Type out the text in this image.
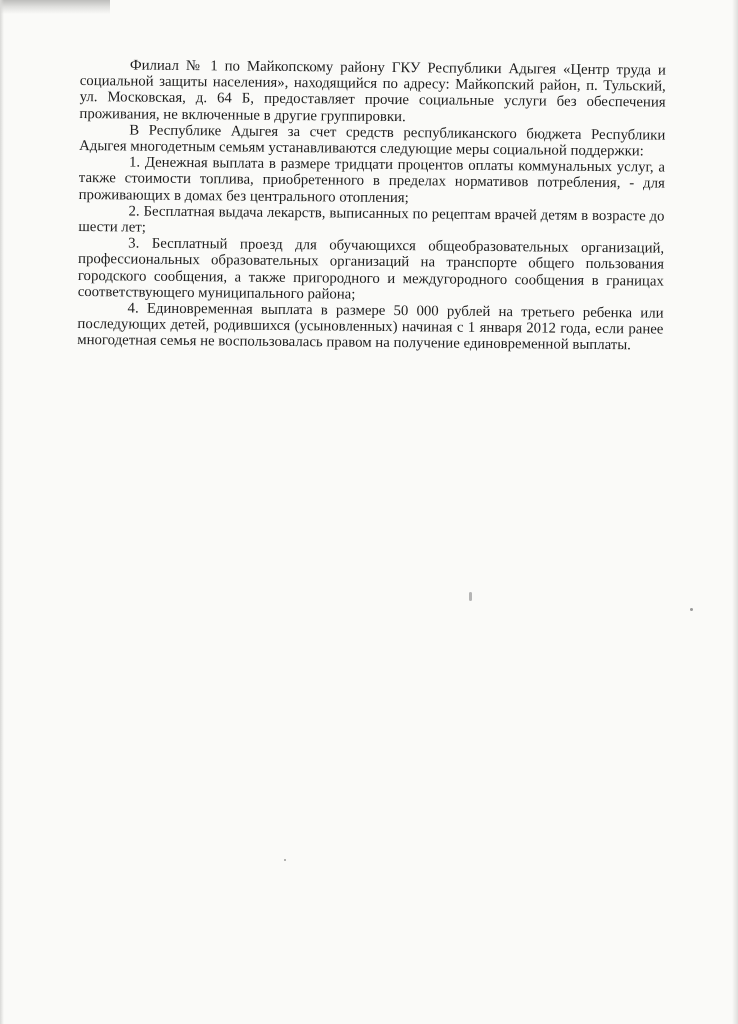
Филиал № 1 по Майкопскому району ГКУ Республики Адыгея «Центр труда и социальной защиты населения», находящийся по адресу: Майкопский район, п. Тульский, ул. Московская, д. 64 Б, предоставляет прочие социальные услуги без обеспечения проживания, не включенные в другие группировки.

В Республике Адыгея за счет средств республиканского бюджета Республики Адыгея многодетным семьям устанавливаются следующие меры социальной поддержки:

1. Денежная выплата в размере тридцати процентов оплаты коммунальных услуг, а также стоимости топлива, приобретенного в пределах нормативов потребления, - для проживающих в домах без центрального отопления;

2. Бесплатная выдача лекарств, выписанных по рецептам врачей детям в возрасте до шести лет;

3. Бесплатный проезд для обучающихся общеобразовательных организаций, профессиональных образовательных организаций на транспорте общего пользования городского сообщения, а также пригородного и междугородного сообщения в границах соответствующего муниципального района;

4. Единовременная выплата в размере 50 000 рублей на третьего ребенка или последующих детей, родившихся (усыновленных) начиная с 1 января 2012 года, если ранее многодетная семья не воспользовалась правом на получение единовременной выплаты.
